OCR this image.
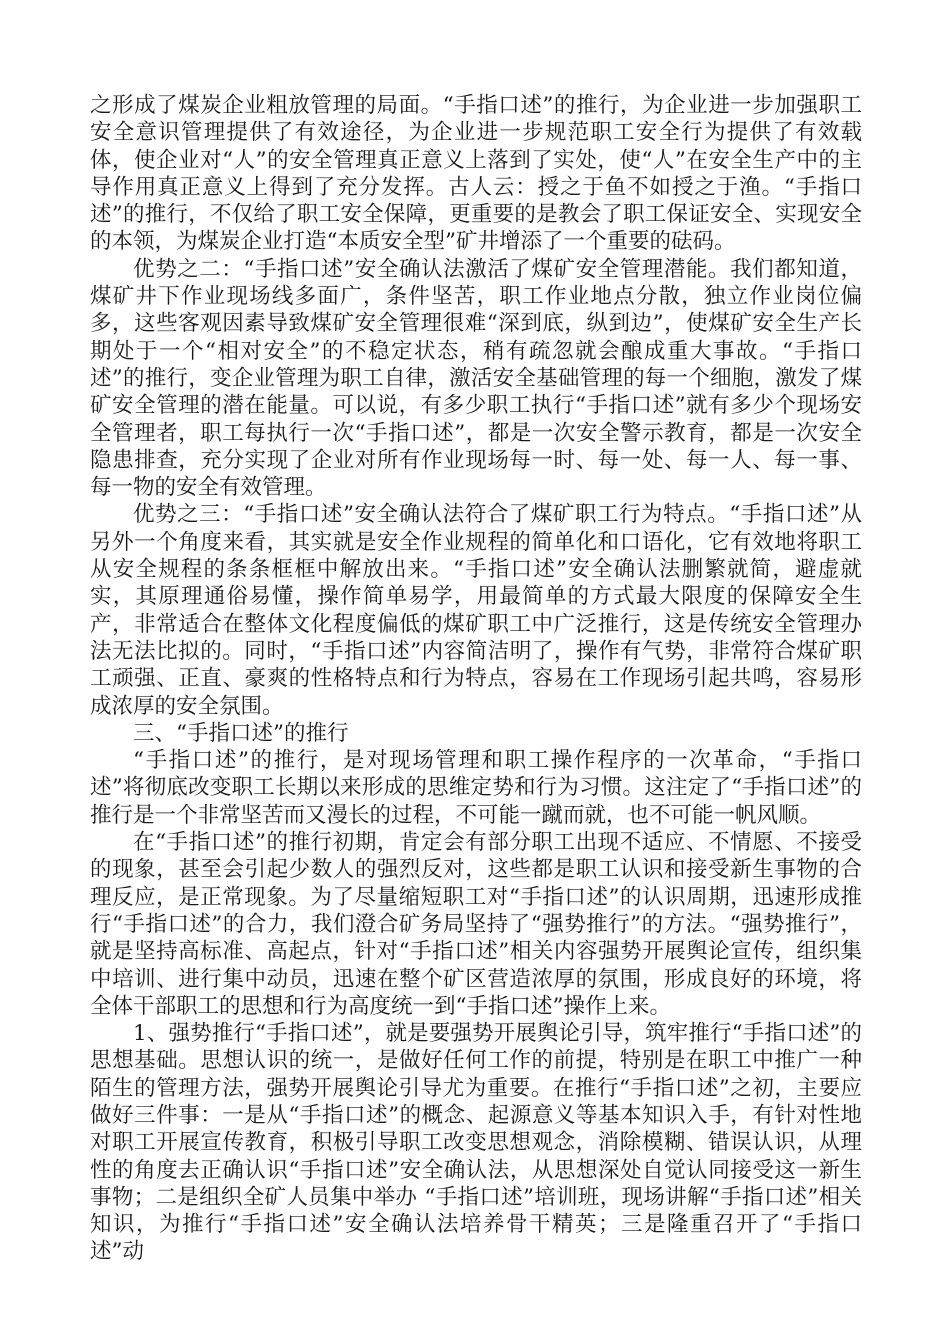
之形成了煤炭企业粗放管理的局面。“手指口述”的推行，为企业进一步加强职工安全意识管理提供了有效途径，为企业进一步规范职工安全行为提供了有效载体，使企业对“人”的安全管理真正意义上落到了实处，使“人”在安全生产中的主导作用真正意义上得到了充分发挥。古人云：授之于鱼不如授之于渔。“手指口述”的推行，不仅给了职工安全保障，更重要的是教会了职工保证安全、实现安全的本领，为煤炭企业打造“本质安全型”矿井增添了一个重要的砝码。

优势之二：“手指口述”安全确认法激活了煤矿安全管理潜能。我们都知道，煤矿井下作业现场线多面广，条件坚苦，职工作业地点分散，独立作业岗位偏多，这些客观因素导致煤矿安全管理很难“深到底，纵到边”，使煤矿安全生产长期处于一个“相对安全”的不稳定状态，稍有疏忽就会酿成重大事故。“手指口述”的推行，变企业管理为职工自律，激活安全基础管理的每一个细胞，激发了煤矿安全管理的潜在能量。可以说，有多少职工执行“手指口述”就有多少个现场安全管理者，职工每执行一次“手指口述”，都是一次安全警示教育，都是一次安全隐患排查，充分实现了企业对所有作业现场每一时、每一处、每一人、每一事、每一物的安全有效管理。

优势之三：“手指口述”安全确认法符合了煤矿职工行为特点。“手指口述”从另外一个角度来看，其实就是安全作业规程的简单化和口语化，它有效地将职工从安全规程的条条框框中解放出来。“手指口述”安全确认法删繁就简，避虚就实，其原理通俗易懂，操作简单易学，用最简单的方式最大限度的保障安全生产，非常适合在整体文化程度偏低的煤矿职工中广泛推行，这是传统安全管理办法无法比拟的。同时，“手指口述”内容简洁明了，操作有气势，非常符合煤矿职工顽强、正直、豪爽的性格特点和行为特点，容易在工作现场引起共鸣，容易形成浓厚的安全氛围。

三、“手指口述”的推行

“手指口述”的推行，是对现场管理和职工操作程序的一次革命，“手指口述”将彻底改变职工长期以来形成的思维定势和行为习惯。这注定了“手指口述”的推行是一个非常坚苦而又漫长的过程，不可能一蹴而就，也不可能一帆风顺。

在“手指口述”的推行初期，肯定会有部分职工出现不适应、不情愿、不接受的现象，甚至会引起少数人的强烈反对，这些都是职工认识和接受新生事物的合理反应，是正常现象。为了尽量缩短职工对“手指口述”的认识周期，迅速形成推行“手指口述”的合力，我们澄合矿务局坚持了“强势推行”的方法。“强势推行”，就是坚持高标准、高起点，针对“手指口述”相关内容强势开展舆论宣传，组织集中培训、进行集中动员，迅速在整个矿区营造浓厚的氛围，形成良好的环境，将全体干部职工的思想和行为高度统一到“手指口述”操作上来。

1、强势推行“手指口述”，就是要强势开展舆论引导，筑牢推行“手指口述”的思想基础。思想认识的统一，是做好任何工作的前提，特别是在职工中推广一种陌生的管理方法，强势开展舆论引导尤为重要。在推行“手指口述”之初，主要应做好三件事：一是从“手指口述”的概念、起源意义等基本知识入手，有针对性地对职工开展宣传教育，积极引导职工改变思想观念，消除模糊、错误认识，从理性的角度去正确认识“手指口述”安全确认法，从思想深处自觉认同接受这一新生事物；二是组织全矿人员集中举办 “手指口述”培训班，现场讲解“手指口述”相关知识，为推行“手指口述”安全确认法培养骨干精英；三是隆重召开了“手指口述”动
